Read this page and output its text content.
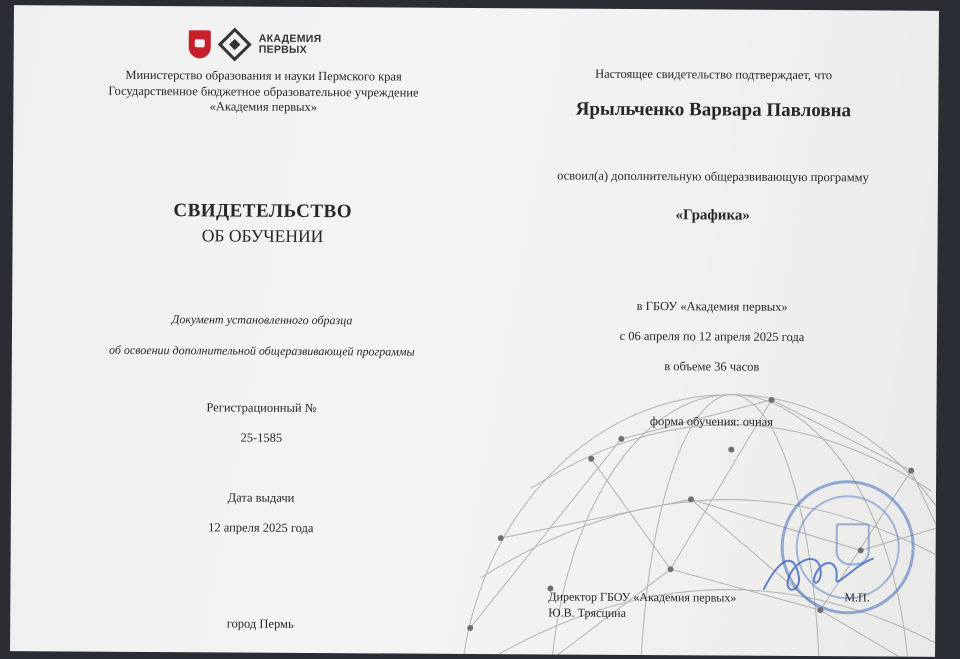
АКАДЕМИЯ
ПЕРВЫХ
Министерство образования и науки Пермского края
Государственное бюджетное образовательное учреждение
«Академия первых»
СВИДЕТЕЛЬСТВО
ОБ ОБУЧЕНИИ
Документ установленного образца
об освоении дополнительной общеразвивающей программы
Регистрационный №
25-1585
Дата выдачи
12 апреля 2025 года
город Пермь
Настоящее свидетельство подтверждает, что
Ярыльченко Варвара Павловна
освоил(а) дополнительную общеразвивающую программу
«Графика»
в ГБОУ «Академия первых»
с 06 апреля по 12 апреля 2025 года
в объеме 36 часов
форма обучения: очная
Директор ГБОУ «Академия первых»
Ю.В. Трясцина
М.П.
